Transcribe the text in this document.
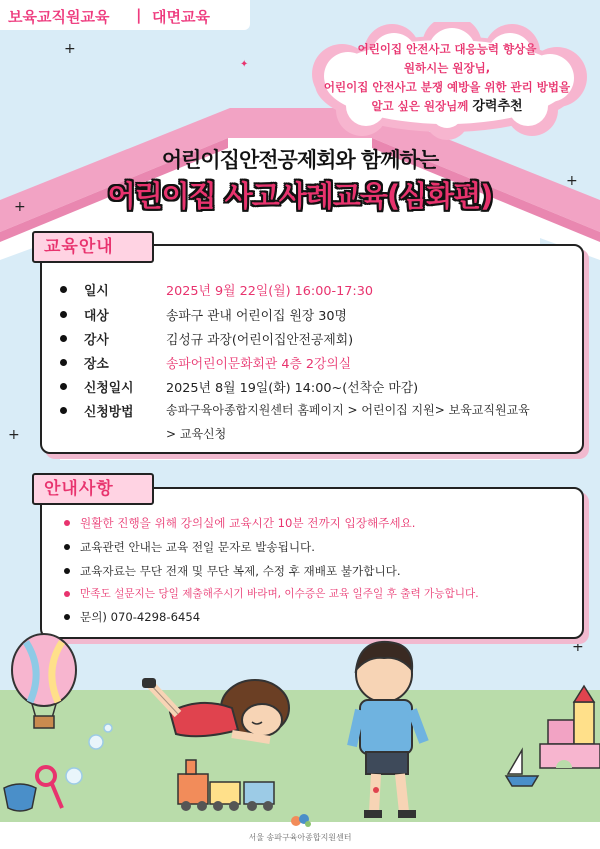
보육교직원교육 | 대면교육
+
+
+
+
+
✦
어린이집 안전사고 대응능력 향상을
원하시는 원장님,
어린이집 안전사고 분쟁 예방을 위한 관리 방법을
알고 싶은 원장님께 강력추천
어린이집안전공제회와 함께하는
어린이집 사고사례교육(심화편)
교육안내
일시	2025년 9월 22일(월) 16:00-17:30
대상	송파구 관내 어린이집 원장 30명
강사	김성규 과장(어린이집안전공제회)
장소	송파어린이문화회관 4층 2강의실
신청일시	2025년 8월 19일(화) 14:00~(선착순 마감)
신청방법	송파구육아종합지원센터 홈페이지 > 어린이집 지원> 보육교직원교육
> 교육신청
안내사항
원활한 진행을 위해 강의실에 교육시간 10분 전까지 입장해주세요.
교육관련 안내는 교육 전일 문자로 발송됩니다.
교육자료는 무단 전재 및 무단 복제, 수정 후 재배포 불가합니다.
만족도 설문지는 당일 제출해주시기 바라며, 이수증은 교육 일주일 후 출력 가능합니다.
문의) 070-4298-6454
서울 송파구육아종합지원센터
